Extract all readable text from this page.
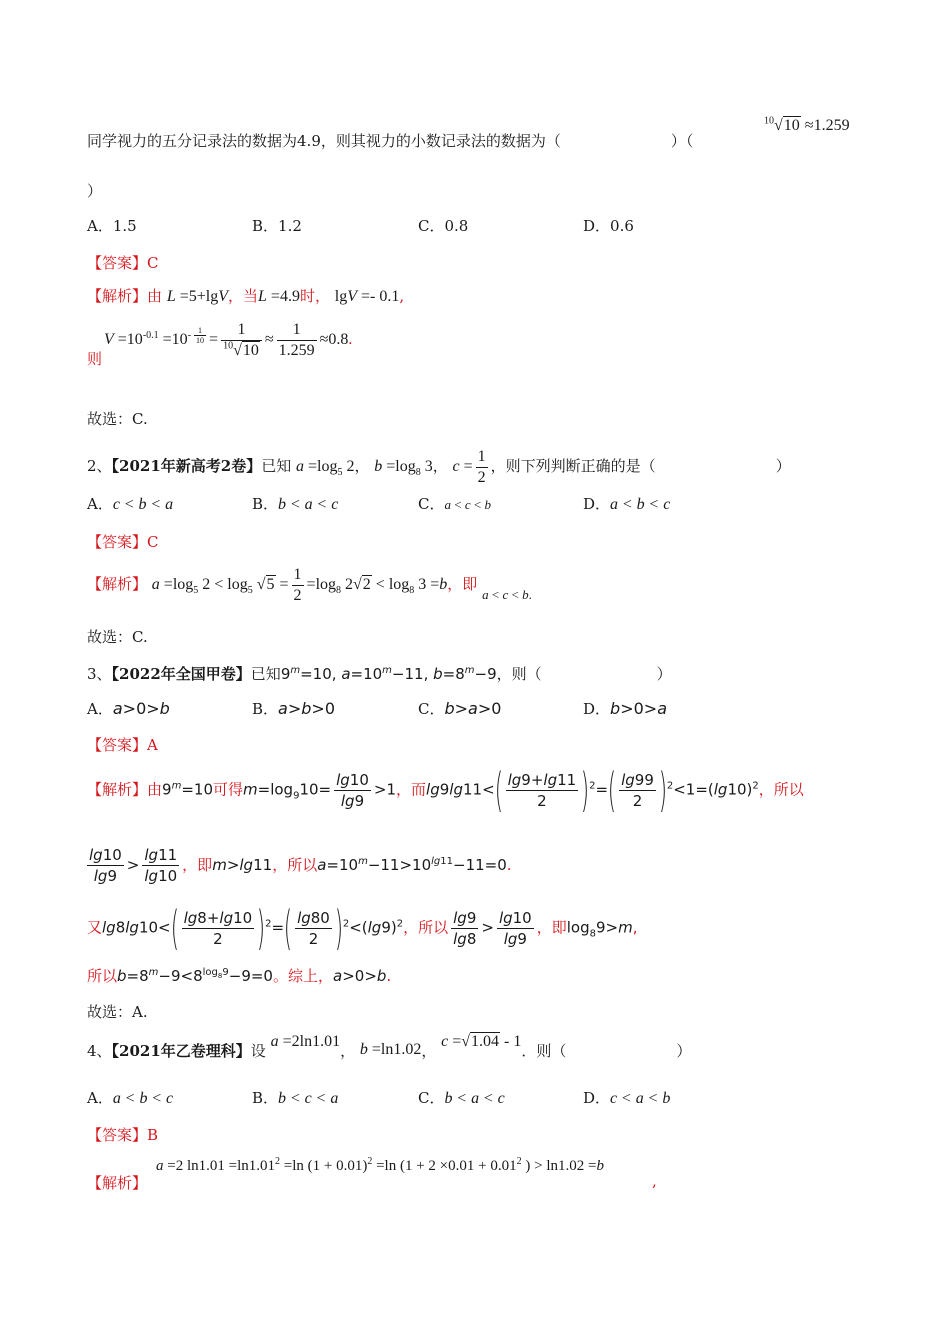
同学视力的五分记录法的数据为4.9，则其视力的小数记录法的数据为（	）（
$^{10}$√10 ≈1.259
）
A．1.5	B．1.2	C．0.8	D．0.6
【答案】C
【解析】由 L =5+lgV，当L =4.9时， lgV =- 0.1,
则
$V =10^{-0.1} =10^{- \frac{1}{10}} = \frac{1}{^{10}√10} \approx \frac{1}{1.259} \approx 0.8$.
故选：C.
2、【2021年新高考2卷】已知 $a =\log_5$ 2， $b =\log_8$ 3， $c = \frac{1}{2}$ ，则下列判断正确的是（	）
A．c < b < a	B．b < a < c	C．a < c < b	D．a < b < c
【答案】C
【解析】 $a =\log_5$ $2 < \log_5 √5 = \frac{1}{2} =\log_8$ $2√2 < \log_8 3 =b$，即 a < c < b.
故选：C.
3、【2022年全国甲卷】已知$9^m=10$, $a=10^m-11$, $b=8^m-9$，则（	）
A．a>0>b	B．a>b>0	C．b>a>0	D．b>0>a
【答案】A
【解析】由$9^m=10$可得$m=\log_910= \frac{\lg 10}{\lg 9} >1$，而$\lg 9\lg 11<( \frac{\lg 9+\lg 11}{2} )^2=( \frac{\lg 99}{2} )^2<1=(\lg 10)^2$，所以
$\frac{\lg 10}{\lg 9} > \frac{\lg 11}{\lg 10}$ ，即m>lg11，所以$a=10^m-11>10^{lg11}-11=0$.
又$\lg 8\lg 10<( \frac{\lg 8+\lg 10}{2} )^2=( \frac{\lg 80}{2} )^2<(\lg 9)^2$，所以 $\frac{\lg 9}{\lg 8} > \frac{\lg 10}{\lg 9}$ ，即$\log_89>m$,
所以$b=8^m-9<8^{log_89}-9=0$。综上，a>0>b.
故选：A.
4、【2021年乙卷理科】设 a =2ln1.01， b =ln1.02， c =√1.04 - 1．则（	）
A．a < b < c	B．b < c < a	C．b < a < c	D．c < a < b
【答案】B
【解析】
a =2 $\ln 1.01 =\ln 1.01^2 =\ln$ $(1 + 0.01)^2 =\ln$ ($1 + 2 \times 0.01 + 0.01^2$ ) > ln1.02 =b
,
